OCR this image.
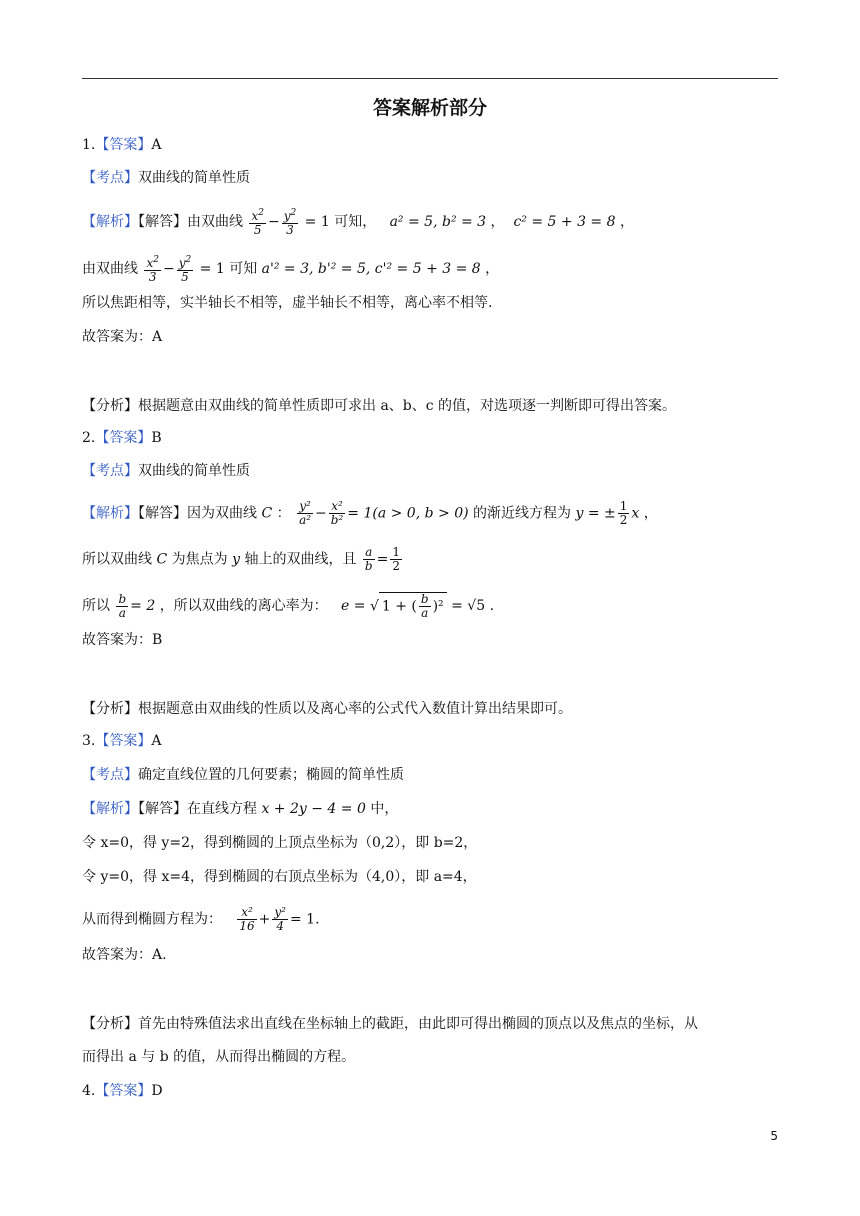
答案解析部分
1.【答案】A
【考点】双曲线的简单性质
【解析】【解答】由双曲线 $\frac{x^2}{5} - \frac{y^2}{3} = 1$ 可知， a² = 5, b² = 3 ， c² = 5 + 3 = 8 ，
由双曲线 $\frac{x^2}{3} - \frac{y^2}{5} = 1$ 可知 a'² = 3, b'² = 5, c'² = 5 + 3 = 8 ，
所以焦距相等，实半轴长不相等，虚半轴长不相等，离心率不相等.
故答案为：A
【分析】根据题意由双曲线的简单性质即可求出 a、b、c 的值，对选项逐一判断即可得出答案。
2.【答案】B
【考点】双曲线的简单性质
【解析】【解答】因为双曲线 C ： $\frac{\text{y²}}{\text{a²}} - \frac{\text{x²}}{\text{b²}} = 1(a > 0$, b > 0) 的渐近线方程为 y = ± $\frac{1}{2}$ x ，
所以双曲线 C 为焦点为 y 轴上的双曲线，且 $\frac{a}{b} = \frac{1}{2}$
所以 $\frac{b}{a} = 2$ ，所以双曲线的离心率为： e = √ 1 + ( $\frac{b}{a} )^2 = √5$ .
故答案为：B
【分析】根据题意由双曲线的性质以及离心率的公式代入数值计算出结果即可。
3.【答案】A
【考点】确定直线位置的几何要素；椭圆的简单性质
【解析】【解答】在直线方程 x + 2y − 4 = 0 中，
令 x=0，得 y=2，得到椭圆的上顶点坐标为（0,2），即 b=2，
令 y=0，得 x=4，得到椭圆的右顶点坐标为（4,0），即 a=4，
从而得到椭圆方程为： $\frac{\text{x²}}{16} + \frac{\text{y²}}{4} = 1$.
故答案为：A.
【分析】首先由特殊值法求出直线在坐标轴上的截距，由此即可得出椭圆的顶点以及焦点的坐标，从
而得出 a 与 b 的值，从而得出椭圆的方程。
4.【答案】D
5
